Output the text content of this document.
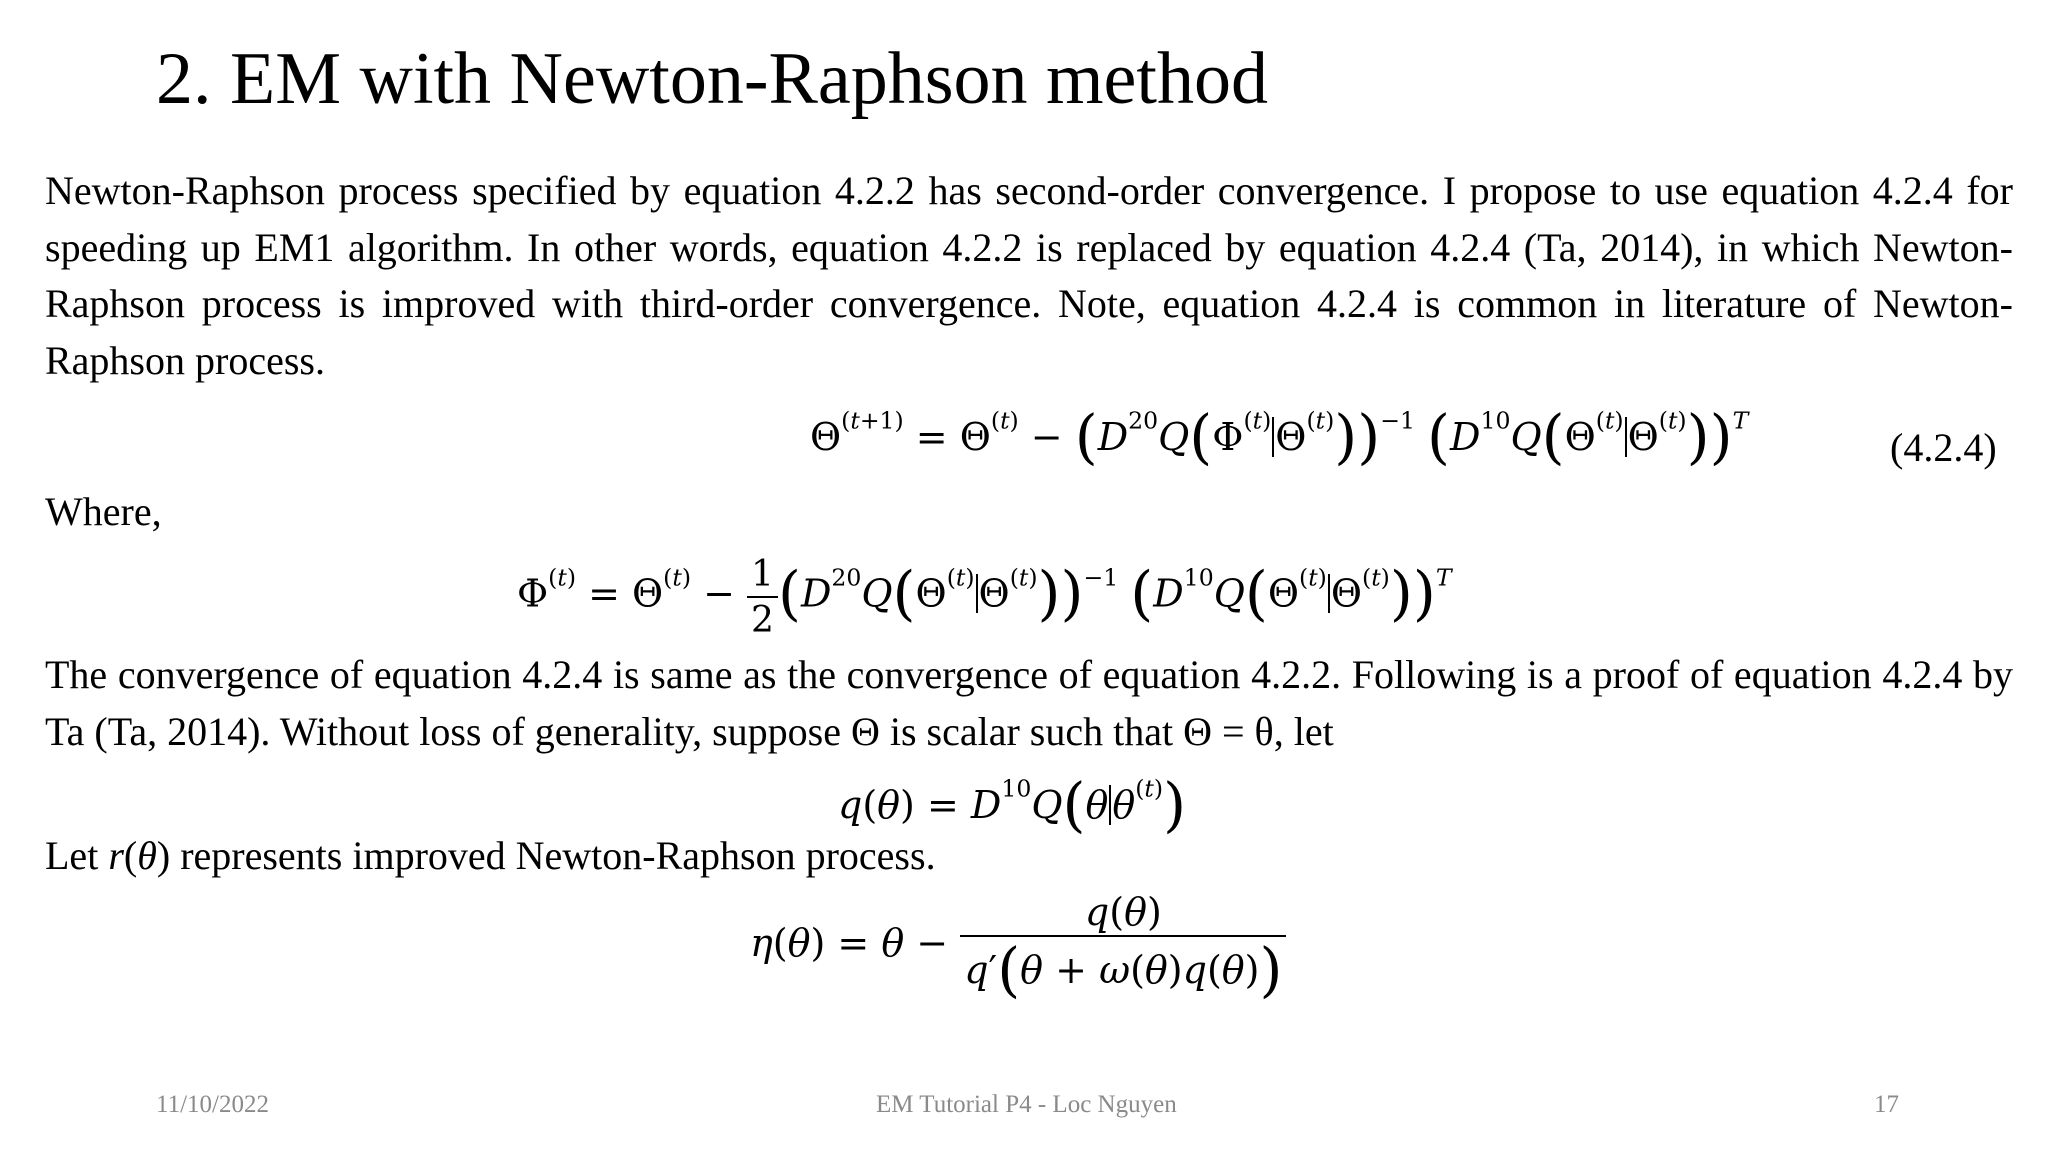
2. EM with Newton-Raphson method

Newton-Raphson process specified by equation 4.2.2 has second-order convergence. I propose to use equation 4.2.4 for speeding up EM1 algorithm. In other words, equation 4.2.2 is replaced by equation 4.2.4 (Ta, 2014), in which Newton-Raphson process is improved with third-order convergence. Note, equation 4.2.4 is common in literature of Newton-Raphson process.

$\Theta^{(t+1)} = \Theta^{(t)} - (D^{20}Q(\Phi^{(t)}$ $\Theta^{(t)}))^{-1}$ ($D^{10}Q(\Theta^{(t)}$ $\Theta^{(t)}))^T$
(4.2.4)
Where,
$\Phi^{(t)} = \Theta^{(t)} - \frac{1}{2} (D^{20}Q(\Theta^{(t)}$ $\Theta^{(t)}))^{-1}$ ($D^{10}Q(\Theta^{(t)}$ $\Theta^{(t)}))^T$

The convergence of equation 4.2.4 is same as the convergence of equation 4.2.2. Following is a proof of equation 4.2.4 by Ta (Ta, 2014). Without loss of generality, suppose Θ is scalar such that Θ = θ, let

$q(\theta) = D^{10}Q(\theta$ $\theta^{(t)}$)
Let r(θ) represents improved Newton-Raphson process.
$\eta(\theta) = \theta - \frac{q(\theta)}{q'(\theta + \omega(\theta)q(\theta))}$
11/10/2022	EM Tutorial P4 - Loc Nguyen	17
